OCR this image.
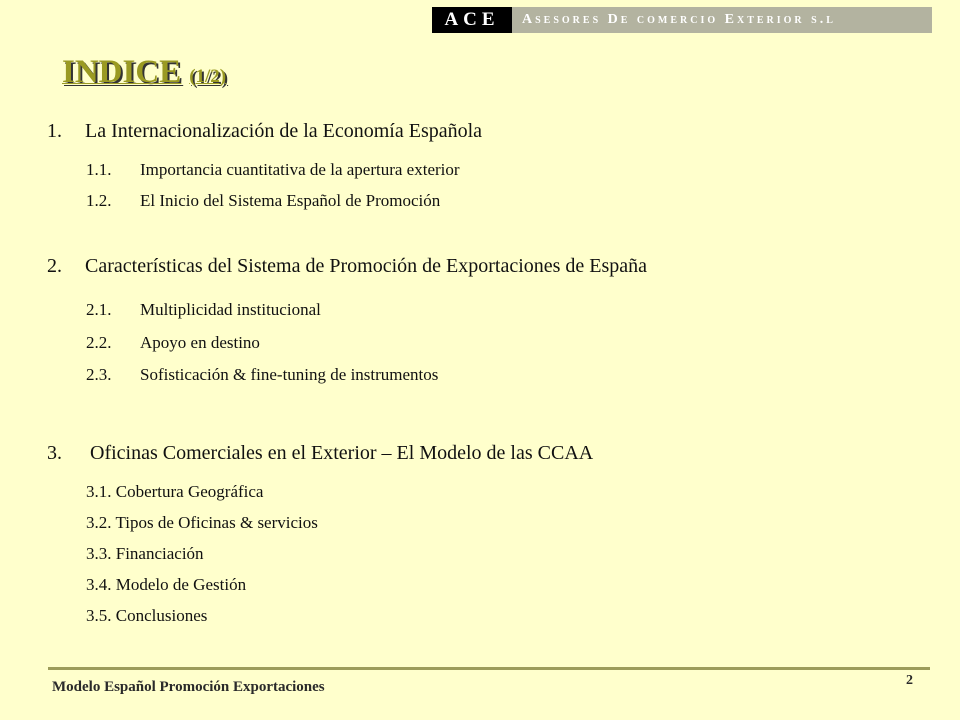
ACE	Asesores De comercio Exterior s.l
INDICE (1/2)
1. La Internacionalización de la Economía Española
1.1. Importancia cuantitativa de la apertura exterior
1.2. El Inicio del Sistema Español de Promoción
2. Características del Sistema de Promoción de Exportaciones de España
2.1. Multiplicidad institucional
2.2. Apoyo en destino
2.3. Sofisticación & fine-tuning de instrumentos
3. Oficinas Comerciales en el Exterior – El Modelo de las CCAA
3.1. Cobertura Geográfica
3.2. Tipos de Oficinas & servicios
3.3. Financiación
3.4. Modelo de Gestión
3.5. Conclusiones
Modelo Español Promoción Exportaciones	2
